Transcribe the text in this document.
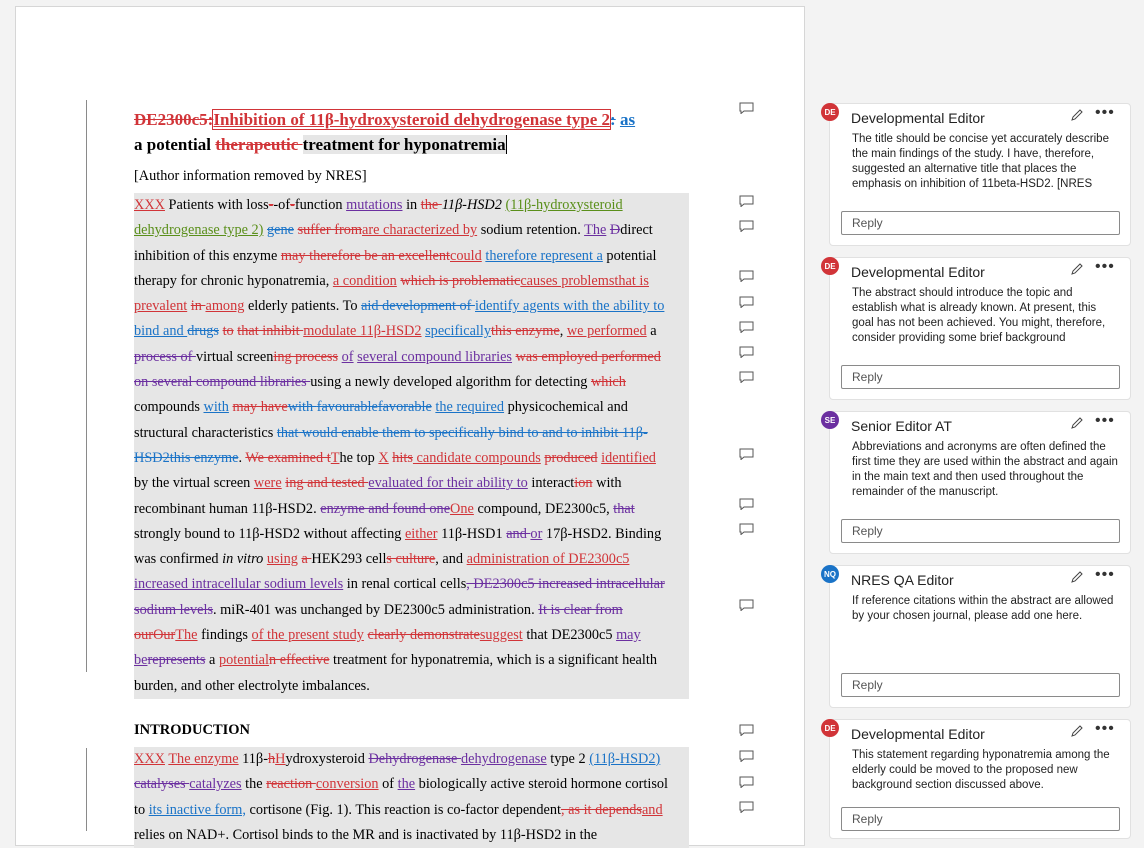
DE2300c5:Inhibition of 11β-hydroxysteroid dehydrogenase type 2: as
a potential therapeutic treatment for hyponatremia
[Author information removed by NRES]
XXX Patients with loss--of-function mutations in the 11β-HSD2 (11β-hydroxysteroid
dehydrogenase type 2) gene suffer fromare characterized by sodium retention. The Ddirect
inhibition of this enzyme may therefore be an excellentcould therefore represent a potential
therapy for chronic hyponatremia, a condition which is problematiccauses problemsthat is
prevalent in among elderly patients. To aid development of identify agents with the ability to
bind and drugs to that inhibit modulate 11β-HSD2 specificallythis enzyme, we performed a
process of virtual screening process of several compound libraries was employed performed
on several compound libraries using a newly developed algorithm for detecting which
compounds with may havewith favourablefavorable the required physicochemical and
structural characteristics that would enable them to specifically bind to and to inhibit 11β-
HSD2this enzyme. We examined tThe top X hits candidate compounds produced identified
by the virtual screen were ing and tested evaluated for their ability to interaction with
recombinant human 11β-HSD2. enzyme and found oneOne compound, DE2300c5, that
strongly bound to 11β-HSD2 without affecting either 11β-HSD1 and or 17β-HSD2. Binding
was confirmed in vitro using a HEK293 cells culture, and administration of DE2300c5
increased intracellular sodium levels in renal cortical cells, DE2300c5 increased intracellular
sodium levels. miR-401 was unchanged by DE2300c5 administration. It is clear from
ourOurThe findings of the present study clearly demonstratesuggest that DE2300c5 may
berepresents a potentialn effective treatment for hyponatremia, which is a significant health
burden, and other electrolyte imbalances.
INTRODUCTION
XXX The enzyme 11β-hHydroxysteroid Dehydrogenase dehydrogenase type 2 (11β-HSD2)
catalyses catalyzes the reaction conversion of the biologically active steroid hormone cortisol
to its inactive form, cortisone (Fig. 1). This reaction is co-factor dependent, as it dependsand
relies on NAD+. Cortisol binds to the MR and is inactivated by 11β-HSD2 in the
DE Developmental Editor	•••
The title should be concise yet accurately describe the main findings of the study. I have, therefore, suggested an alternative title that places the emphasis on inhibition of 11beta-HSD2. [NRES
Reply
DE Developmental Editor	•••
The abstract should introduce the topic and establish what is already known. At present, this goal has not been achieved. You might, therefore, consider providing some brief background
Reply
SE Senior Editor AT	•••
Abbreviations and acronyms are often defined the first time they are used within the abstract and again in the main text and then used throughout the remainder of the manuscript.
Reply
NQ NRES QA Editor	•••
If reference citations within the abstract are allowed by your chosen journal, please add one here.
Reply
DE Developmental Editor	•••
This statement regarding hyponatremia among the elderly could be moved to the proposed new background section discussed above.
Reply
